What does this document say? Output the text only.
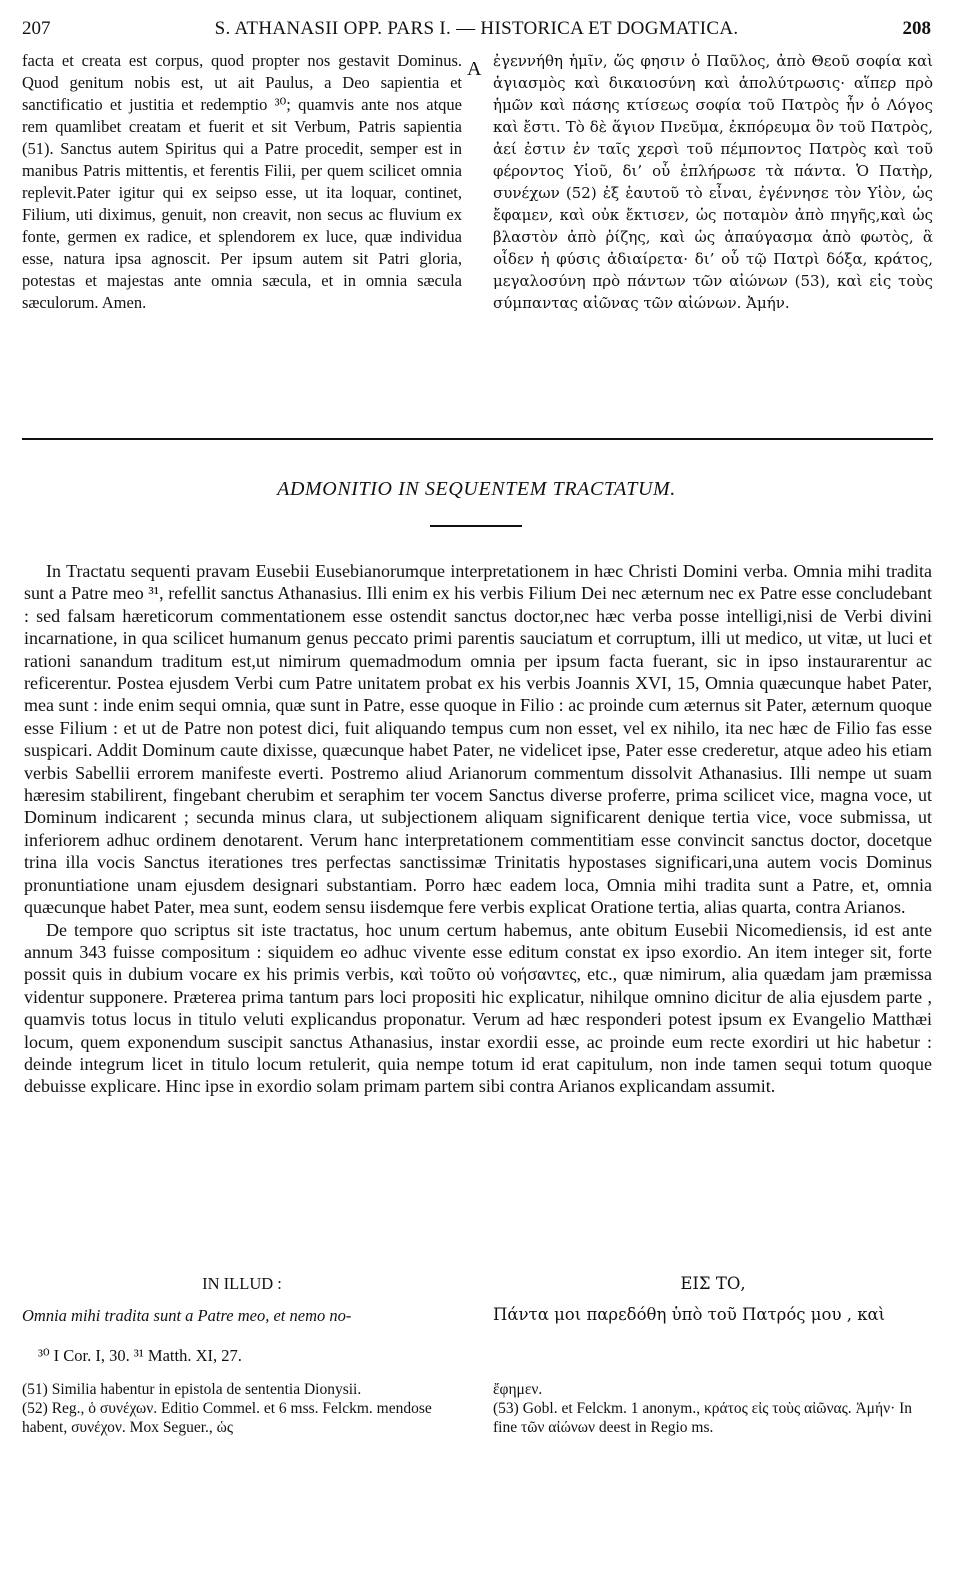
207	S. ATHANASII OPP. PARS I. — HISTORICA ET DOGMATICA.	208

facta et creata est corpus, quod propter nos gestavit Dominus. Quod genitum nobis est, ut ait Paulus, a Deo sapientia et sanctificatio et justitia et redemptio ³⁰; quamvis ante nos atque rem quamlibet creatam et fuerit et sit Verbum, Patris sapientia (51). Sanctus autem Spiritus qui a Patre procedit, semper est in manibus Patris mittentis, et ferentis Filii, per quem scilicet omnia replevit.Pater igitur qui ex seipso esse, ut ita loquar, continet, Filium, uti diximus, genuit, non creavit, non secus ac fluvium ex fonte, germen ex radice, et splendorem ex luce, quæ individua esse, natura ipsa agnoscit. Per ipsum autem sit Patri gloria, potestas et majestas ante omnia sæcula, et in omnia sæcula sæculorum. Amen.

A ἐγεννήθη ἡμῖν, ὥς φησιν ὁ Παῦλος, ἀπὸ Θεοῦ σοφία καὶ ἁγιασμὸς καὶ δικαιοσύνη καὶ ἀπολύτρωσις· αἵπερ πρὸ ἡμῶν καὶ πάσης κτίσεως σοφία τοῦ Πατρὸς ἦν ὁ Λόγος καὶ ἔστι. Τὸ δὲ ἅγιον Πνεῦμα, ἐκπόρευμα ὂν τοῦ Πατρὸς, ἀεί ἐστιν ἐν ταῖς χερσὶ τοῦ πέμποντος Πατρὸς καὶ τοῦ φέροντος Υἱοῦ, δι’ οὗ ἐπλήρωσε τὰ πάντα. Ὁ Πατὴρ, συνέχων (52) ἐξ ἑαυτοῦ τὸ εἶναι, ἐγέννησε τὸν Υἱὸν, ὡς ἔφαμεν, καὶ οὐκ ἔκτισεν, ὡς ποταμὸν ἀπὸ πηγῆς,καὶ ὡς βλαστὸν ἀπὸ ῥίζης, καὶ ὡς ἀπαύγασμα ἀπὸ φωτὸς, ἃ οἶδεν ἡ φύσις ἀδιαίρετα· δι’ οὗ τῷ Πατρὶ δόξα, κράτος, μεγαλοσύνη πρὸ πάντων τῶν αἰώνων (53), καὶ εἰς τοὺς σύμπαντας αἰῶνας τῶν αἰώνων. Ἀμήν.

ADMONITIO IN SEQUENTEM TRACTATUM.

In Tractatu sequenti pravam Eusebii Eusebianorumque interpretationem in hæc Christi Domini verba. Omnia mihi tradita sunt a Patre meo ³¹, refellit sanctus Athanasius. Illi enim ex his verbis Filium Dei nec æternum nec ex Patre esse concludebant : sed falsam hæreticorum commentationem esse ostendit sanctus doctor,nec hæc verba posse intelligi,nisi de Verbi divini incarnatione, in qua scilicet humanum genus peccato primi parentis sauciatum et corruptum, illi ut medico, ut vitæ, ut luci et rationi sanandum traditum est,ut nimirum quemadmodum omnia per ipsum facta fuerant, sic in ipso instaurarentur ac reficerentur. Postea ejusdem Verbi cum Patre unitatem probat ex his verbis Joannis XVI, 15, Omnia quæcunque habet Pater, mea sunt : inde enim sequi omnia, quæ sunt in Patre, esse quoque in Filio : ac proinde cum æternus sit Pater, æternum quoque esse Filium : et ut de Patre non potest dici, fuit aliquando tempus cum non esset, vel ex nihilo, ita nec hæc de Filio fas esse suspicari. Addit Dominum caute dixisse, quæcunque habet Pater, ne videlicet ipse, Pater esse crederetur, atque adeo his etiam verbis Sabellii errorem manifeste everti. Postremo aliud Arianorum commentum dissolvit Athanasius. Illi nempe ut suam hæresim stabilirent, fingebant cherubim et seraphim ter vocem Sanctus diverse proferre, prima scilicet vice, magna voce, ut Dominum indicarent ; secunda minus clara, ut subjectionem aliquam significarent denique tertia vice, voce submissa, ut inferiorem adhuc ordinem denotarent. Verum hanc interpretationem commentitiam esse convincit sanctus doctor, docetque trina illa vocis Sanctus iterationes tres perfectas sanctissimæ Trinitatis hypostases significari,una autem vocis Dominus pronuntiatione unam ejusdem designari substantiam. Porro hæc eadem loca, Omnia mihi tradita sunt a Patre, et, omnia quæcunque habet Pater, mea sunt, eodem sensu iisdemque fere verbis explicat Oratione tertia, alias quarta, contra Arianos.

De tempore quo scriptus sit iste tractatus, hoc unum certum habemus, ante obitum Eusebii Nicomediensis, id est ante annum 343 fuisse compositum : siquidem eo adhuc vivente esse editum constat ex ipso exordio. An item integer sit, forte possit quis in dubium vocare ex his primis verbis, καὶ τοῦτο οὐ νοήσαντες, etc., quæ nimirum, alia quædam jam præmissa videntur supponere. Præterea prima tantum pars loci propositi hic explicatur, nihilque omnino dicitur de alia ejusdem parte , quamvis totus locus in titulo veluti explicandus proponatur. Verum ad hæc responderi potest ipsum ex Evangelio Matthæi locum, quem exponendum suscipit sanctus Athanasius, instar exordii esse, ac proinde eum recte exordiri ut hic habetur : deinde integrum licet in titulo locum retulerit, quia nempe totum id erat capitulum, non inde tamen sequi totum quoque debuisse explicare. Hinc ipse in exordio solam primam partem sibi contra Arianos explicandam assumit.

IN ILLUD :
Omnia mihi tradita sunt a Patre meo, et nemo no-
ΕΙΣ ΤΟ,
Πάντα μοι παρεδόθη ὑπὸ τοῦ Πατρός μου , καὶ
³⁰ I Cor. I, 30. ³¹ Matth. XI, 27.

(51) Similia habentur in epistola de sententia Dionysii.

(52) Reg., ὁ συνέχων. Editio Commel. et 6 mss. Felckm. mendose habent, συνέχον. Mox Seguer., ὡς

ἔφημεν.

(53) Gobl. et Felckm. 1 anonym., κράτος εἰς τοὺς αἰῶνας. Ἀμήν· In fine τῶν αἰώνων deest in Regio ms.
